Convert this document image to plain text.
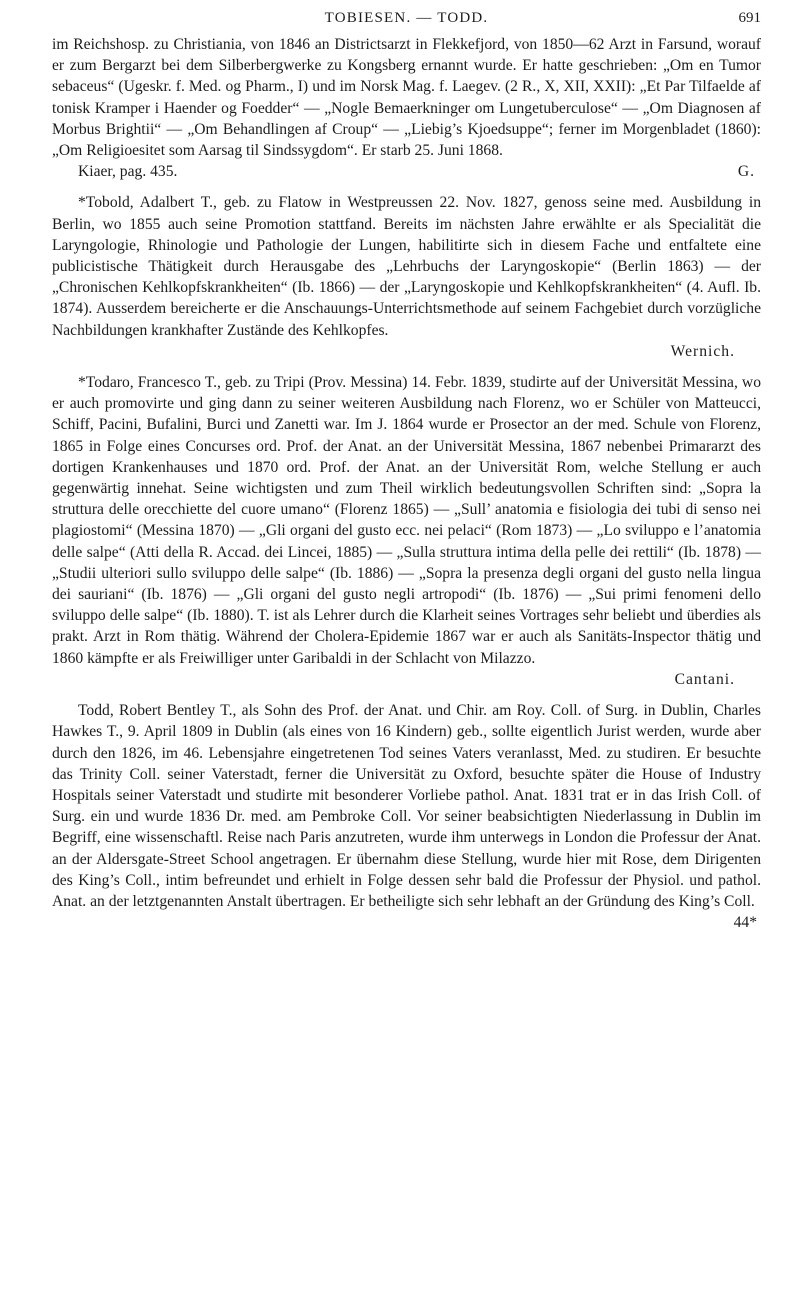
TOBIESEN. — TODD.	691

im Reichshosp. zu Christiania, von 1846 an Districtsarzt in Flekkefjord, von 1850—62 Arzt in Farsund, worauf er zum Bergarzt bei dem Silberbergwerke zu Kongsberg ernannt wurde. Er hatte geschrieben: „Om en Tumor sebaceus“ (Ugeskr. f. Med. og Pharm., I) und im Norsk Mag. f. Laegev. (2 R., X, XII, XXII): „Et Par Tilfaelde af tonisk Kramper i Haender og Foedder“ — „Nogle Bemaerkninger om Lungetuberculose“ — „Om Diagnosen af Morbus Brightii“ — „Om Behandlingen af Croup“ — „Liebig’s Kjoedsuppe“; ferner im Morgenbladet (1860): „Om Religioesitet som Aarsag til Sindssygdom“. Er starb 25. Juni 1868.

Kiaer, pag. 435.	G.

*Tobold, Adalbert T., geb. zu Flatow in Westpreussen 22. Nov. 1827, genoss seine med. Ausbildung in Berlin, wo 1855 auch seine Promotion stattfand. Bereits im nächsten Jahre erwählte er als Specialität die Laryngologie, Rhinologie und Pathologie der Lungen, habilitirte sich in diesem Fache und entfaltete eine publicistische Thätigkeit durch Herausgabe des „Lehrbuchs der Laryngoskopie“ (Berlin 1863) — der „Chronischen Kehlkopfskrankheiten“ (Ib. 1866) — der „Laryngoskopie und Kehlkopfskrankheiten“ (4. Aufl. Ib. 1874). Ausserdem bereicherte er die Anschauungs-Unterrichtsmethode auf seinem Fachgebiet durch vorzügliche Nachbildungen krankhafter Zustände des Kehlkopfes.

Wernich.

*Todaro, Francesco T., geb. zu Tripi (Prov. Messina) 14. Febr. 1839, studirte auf der Universität Messina, wo er auch promovirte und ging dann zu seiner weiteren Ausbildung nach Florenz, wo er Schüler von Matteucci, Schiff, Pacini, Bufalini, Burci und Zanetti war. Im J. 1864 wurde er Prosector an der med. Schule von Florenz, 1865 in Folge eines Concurses ord. Prof. der Anat. an der Universität Messina, 1867 nebenbei Primararzt des dortigen Krankenhauses und 1870 ord. Prof. der Anat. an der Universität Rom, welche Stellung er auch gegenwärtig innehat. Seine wichtigsten und zum Theil wirklich bedeutungsvollen Schriften sind: „Sopra la struttura delle orecchiette del cuore umano“ (Florenz 1865) — „Sull’ anatomia e fisiologia dei tubi di senso nei plagiostomi“ (Messina 1870) — „Gli organi del gusto ecc. nei pelaci“ (Rom 1873) — „Lo sviluppo e l’anatomia delle salpe“ (Atti della R. Accad. dei Lincei, 1885) — „Sulla struttura intima della pelle dei rettili“ (Ib. 1878) — „Studii ulteriori sullo sviluppo delle salpe“ (Ib. 1886) — „Sopra la presenza degli organi del gusto nella lingua dei sauriani“ (Ib. 1876) — „Gli organi del gusto negli artropodi“ (Ib. 1876) — „Sui primi fenomeni dello sviluppo delle salpe“ (Ib. 1880). T. ist als Lehrer durch die Klarheit seines Vortrages sehr beliebt und überdies als prakt. Arzt in Rom thätig. Während der Cholera-Epidemie 1867 war er auch als Sanitäts-Inspector thätig und 1860 kämpfte er als Freiwilliger unter Garibaldi in der Schlacht von Milazzo.

Cantani.

Todd, Robert Bentley T., als Sohn des Prof. der Anat. und Chir. am Roy. Coll. of Surg. in Dublin, Charles Hawkes T., 9. April 1809 in Dublin (als eines von 16 Kindern) geb., sollte eigentlich Jurist werden, wurde aber durch den 1826, im 46. Lebensjahre eingetretenen Tod seines Vaters veranlasst, Med. zu studiren. Er besuchte das Trinity Coll. seiner Vaterstadt, ferner die Universität zu Oxford, besuchte später die House of Industry Hospitals seiner Vaterstadt und studirte mit besonderer Vorliebe pathol. Anat. 1831 trat er in das Irish Coll. of Surg. ein und wurde 1836 Dr. med. am Pembroke Coll. Vor seiner beabsichtigten Niederlassung in Dublin im Begriff, eine wissenschaftl. Reise nach Paris anzutreten, wurde ihm unterwegs in London die Professur der Anat. an der Aldersgate-Street School angetragen. Er übernahm diese Stellung, wurde hier mit Rose, dem Dirigenten des King’s Coll., intim befreundet und erhielt in Folge dessen sehr bald die Professur der Physiol. und pathol. Anat. an der letztgenannten Anstalt übertragen. Er betheiligte sich sehr lebhaft an der Gründung des King’s Coll.

44*
